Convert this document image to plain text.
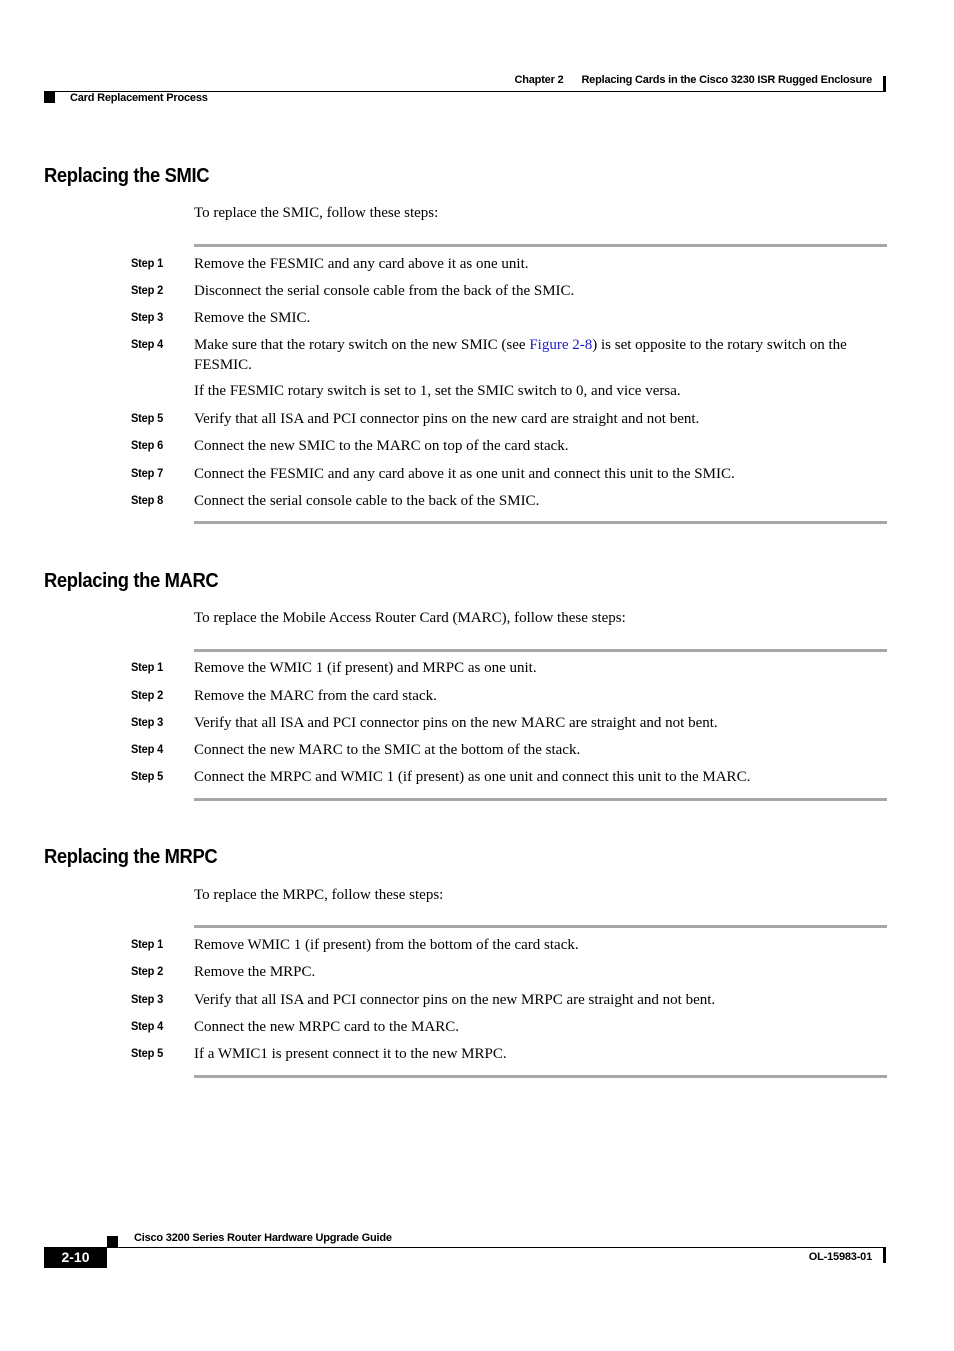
Chapter 2 Replacing Cards in the Cisco 3230 ISR Rugged Enclosure
Card Replacement Process
Replacing the SMIC
To replace the SMIC, follow these steps:
Step 1 Remove the FESMIC and any card above it as one unit.
Step 2 Disconnect the serial console cable from the back of the SMIC.
Step 3 Remove the SMIC.
Step 4 Make sure that the rotary switch on the new SMIC (see Figure 2-8) is set opposite to the rotary switch on the FESMIC.
If the FESMIC rotary switch is set to 1, set the SMIC switch to 0, and vice versa.
Step 5 Verify that all ISA and PCI connector pins on the new card are straight and not bent.
Step 6 Connect the new SMIC to the MARC on top of the card stack.
Step 7 Connect the FESMIC and any card above it as one unit and connect this unit to the SMIC.
Step 8 Connect the serial console cable to the back of the SMIC.
Replacing the MARC
To replace the Mobile Access Router Card (MARC), follow these steps:
Step 1 Remove the WMIC 1 (if present) and MRPC as one unit.
Step 2 Remove the MARC from the card stack.
Step 3 Verify that all ISA and PCI connector pins on the new MARC are straight and not bent.
Step 4 Connect the new MARC to the SMIC at the bottom of the stack.
Step 5 Connect the MRPC and WMIC 1 (if present) as one unit and connect this unit to the MARC.
Replacing the MRPC
To replace the MRPC, follow these steps:
Step 1 Remove WMIC 1 (if present) from the bottom of the card stack.
Step 2 Remove the MRPC.
Step 3 Verify that all ISA and PCI connector pins on the new MRPC are straight and not bent.
Step 4 Connect the new MRPC card to the MARC.
Step 5 If a WMIC1 is present connect it to the new MRPC.
Cisco 3200 Series Router Hardware Upgrade Guide
2-10	OL-15983-01
